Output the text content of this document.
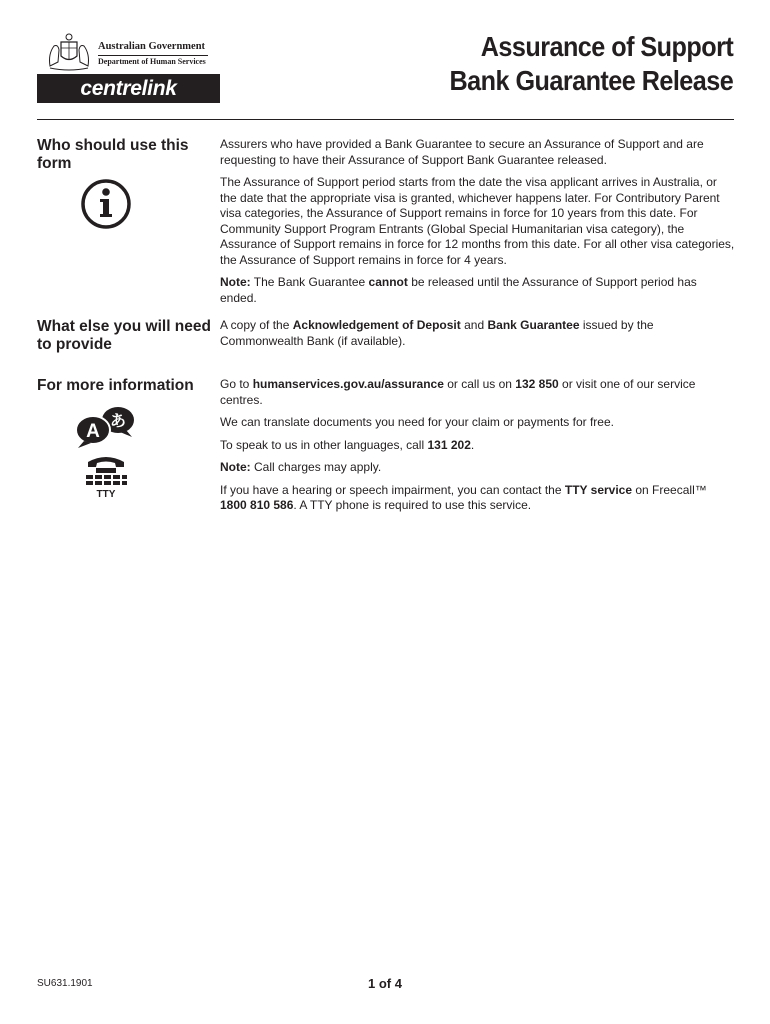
Australian Government
Department of Human Services
centrelink
Assurance of Support
Bank Guarantee Release
Who should use this form

Assurers who have provided a Bank Guarantee to secure an Assurance of Support and are requesting to have their Assurance of Support Bank Guarantee released.

The Assurance of Support period starts from the date the visa applicant arrives in Australia, or the date that the appropriate visa is granted, whichever happens later. For Contributory Parent visa categories, the Assurance of Support remains in force for 10 years from this date. For Community Support Program Entrants (Global Special Humanitarian visa category), the Assurance of Support remains in force for 12 months from this date. For all other visa categories, the Assurance of Support remains in force for 4 years.

Note: The Bank Guarantee cannot be released until the Assurance of Support period has ended.

What else you will need to provide

A copy of the Acknowledgement of Deposit and Bank Guarantee issued by the Commonwealth Bank (if available).

For more information
あ
A
TTY

Go to humanservices.gov.au/assurance or call us on 132 850 or visit one of our service centres.

We can translate documents you need for your claim or payments for free.

To speak to us in other languages, call 131 202.

Note: Call charges may apply.

If you have a hearing or speech impairment, you can contact the TTY service on Freecall™ 1800 810 586. A TTY phone is required to use this service.

SU631.1901	1 of 4
